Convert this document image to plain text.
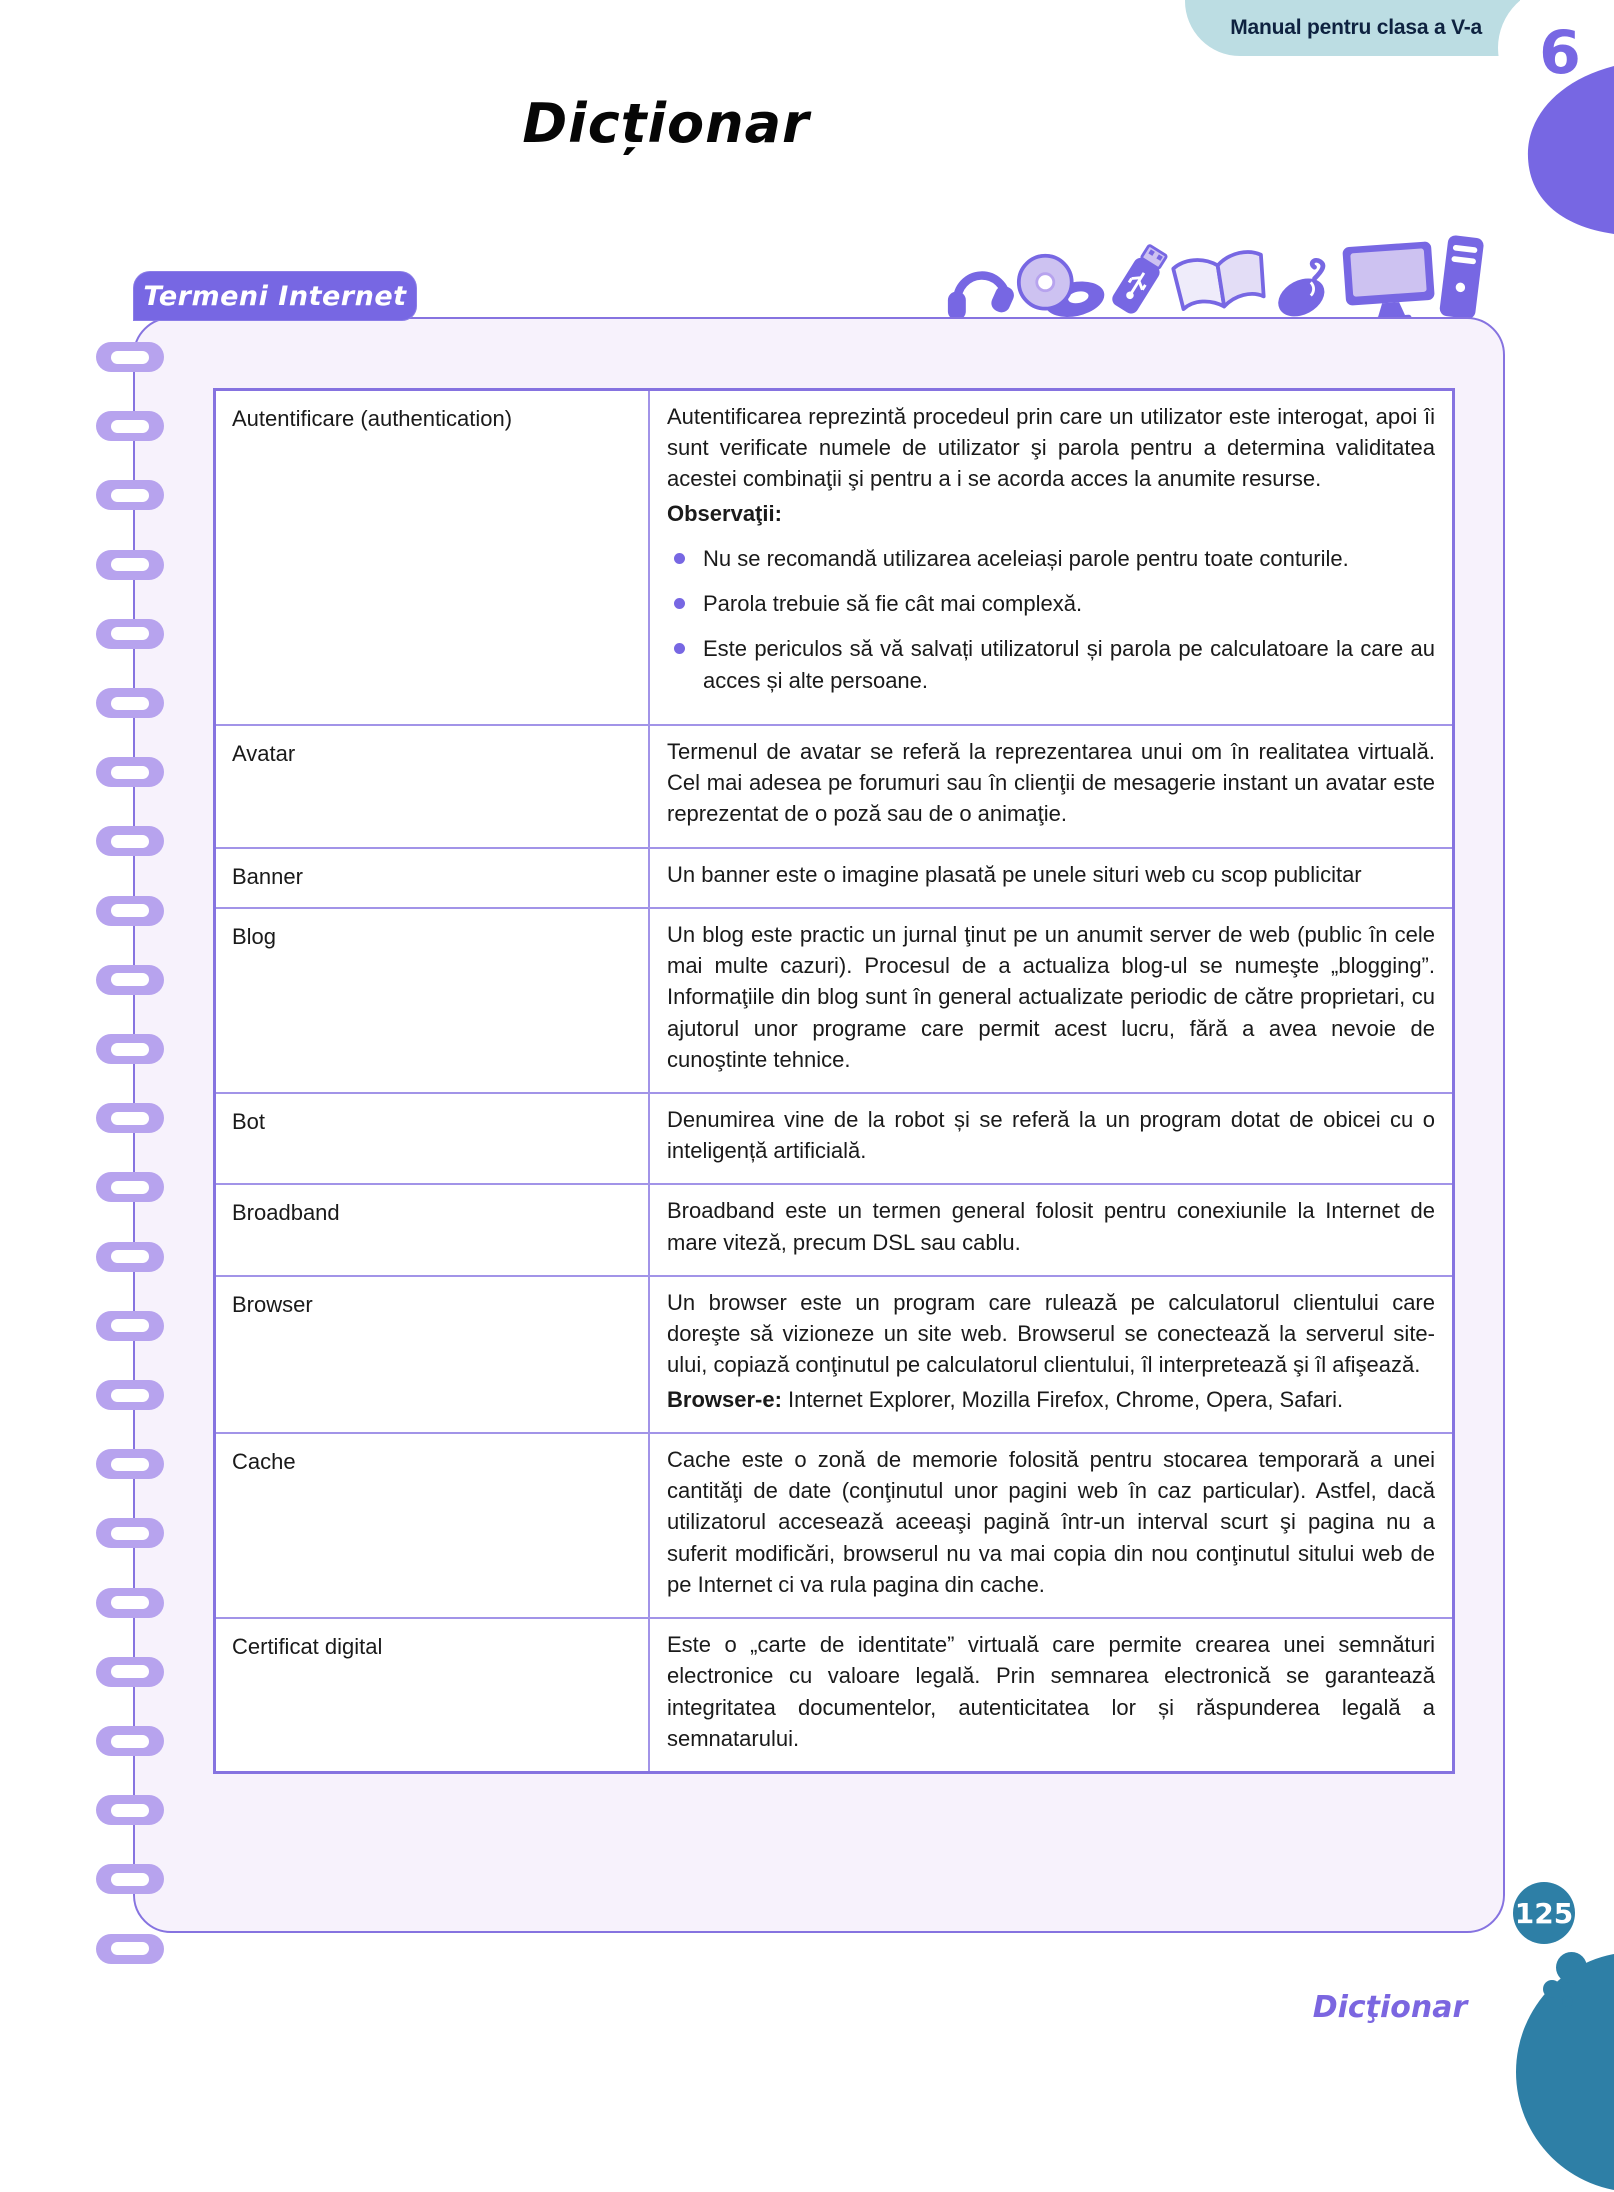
Manual pentru clasa a V-a 6
Dicționar
Termeni Internet
Autentificare (authentication)	Autentificarea reprezintă procedeul prin care un utilizator este interogat, apoi îi sunt verificate numele de utilizator şi parola pentru a determina validitatea acestei combinaţii şi pentru a i se acorda acces la anumite resurse.

Observaţii:

Nu se recomandă utilizarea aceleiași parole pentru toate conturile.
Parola trebuie să fie cât mai complexă.
Este periculos să vă salvați utilizatorul și parola pe calculatoare la care au acces și alte persoane.
Avatar	Termenul de avatar se referă la reprezentarea unui om în realitatea virtuală. Cel mai adesea pe forumuri sau în clienţii de mesagerie instant un avatar este reprezentat de o poză sau de o animaţie.

Banner	Un banner este o imagine plasată pe unele situri web cu scop publicitar

Blog	Un blog este practic un jurnal ţinut pe un anumit server de web (public în cele mai multe cazuri). Procesul de a actualiza blog-ul se numeşte „blogging”. Informaţiile din blog sunt în general actualizate periodic de către proprietari, cu ajutorul unor programe care permit acest lucru, fără a avea nevoie de cunoştinte tehnice.

Bot	Denumirea vine de la robot și se referă la un program dotat de obicei cu o inteligență artificială.

Broadband	Broadband este un termen general folosit pentru conexiunile la Internet de mare viteză, precum DSL sau cablu.

Browser	Un browser este un program care rulează pe calculatorul clientului care doreşte să vizioneze un site web. Browserul se conectează la serverul site-ului, copiază conţinutul pe calculatorul clientului, îl interpretează şi îl afişează.

Browser-e: Internet Explorer, Mozilla Firefox, Chrome, Opera, Safari.

Cache	Cache este o zonă de memorie folosită pentru stocarea temporară a unei cantităţi de date (conţinutul unor pagini web în caz particular). Astfel, dacă utilizatorul accesează aceeaşi pagină într-un interval scurt şi pagina nu a suferit modificări, browserul nu va mai copia din nou conţinutul sitului web de pe Internet ci va rula pagina din cache.

Certificat digital	Este o „carte de identitate” virtuală care permite crearea unei semnături electronice cu valoare legală. Prin semnarea electronică se garantează integritatea documentelor, autenticitatea lor și răspunderea legală a semnatarului.

125
Dicţionar
